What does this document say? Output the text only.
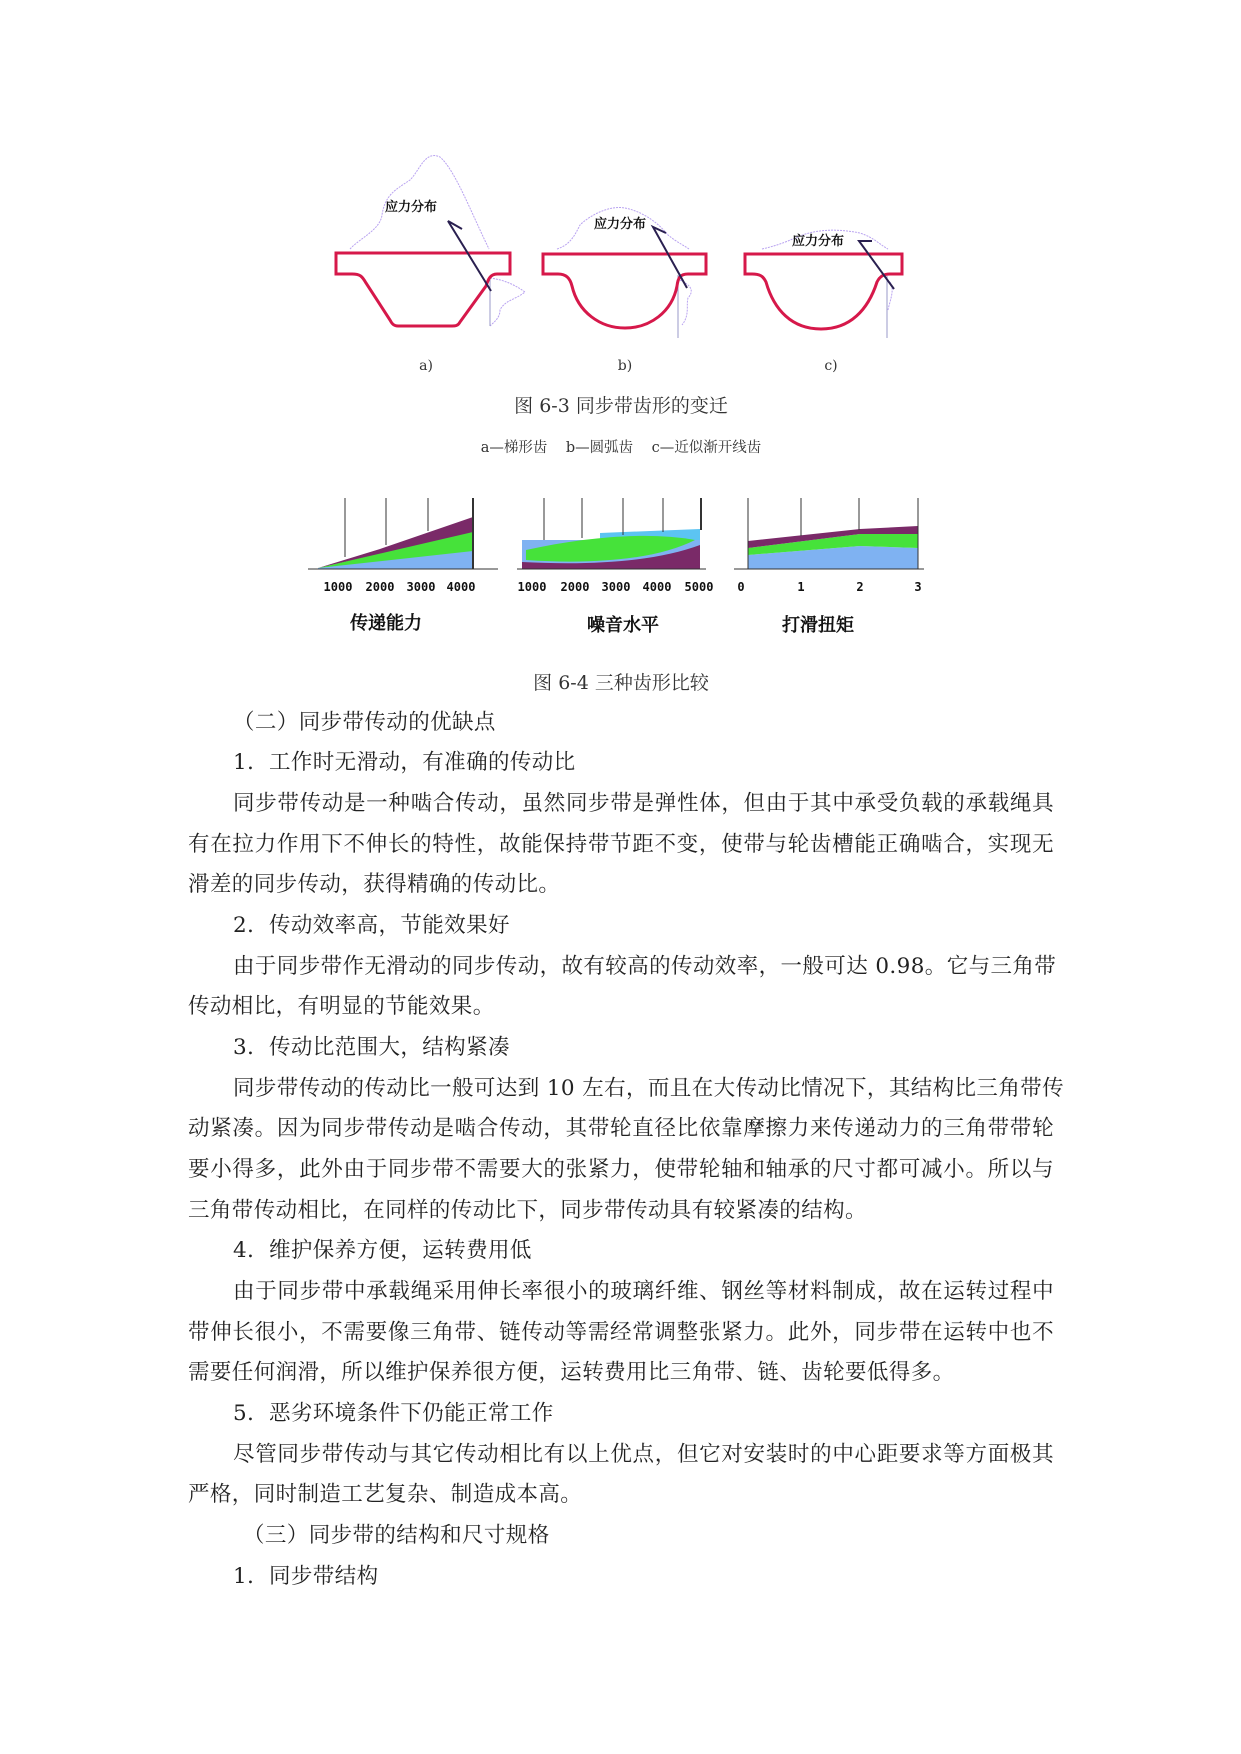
应力分布
应力分布
应力分布
a)	b)	c)
图 6-3 同步带齿形的变迁
a—梯形齿    b—圆弧齿    c—近似渐开线齿
1000 2000 3000 4000
传递能力
1000 2000 3000 4000 5000
噪音水平
0	1	2	3
打滑扭矩
图 6-4 三种齿形比较
（二）同步带传动的优缺点
1．工作时无滑动，有准确的传动比
同步带传动是一种啮合传动，虽然同步带是弹性体，但由于其中承受负载的承载绳具
有在拉力作用下不伸长的特性，故能保持带节距不变，使带与轮齿槽能正确啮合，实现无
滑差的同步传动，获得精确的传动比。
2．传动效率高，节能效果好
由于同步带作无滑动的同步传动，故有较高的传动效率，一般可达 0.98。它与三角带
传动相比，有明显的节能效果。
3．传动比范围大，结构紧凑
同步带传动的传动比一般可达到 10 左右，而且在大传动比情况下，其结构比三角带传
动紧凑。因为同步带传动是啮合传动，其带轮直径比依靠摩擦力来传递动力的三角带带轮
要小得多，此外由于同步带不需要大的张紧力，使带轮轴和轴承的尺寸都可减小。所以与
三角带传动相比，在同样的传动比下，同步带传动具有较紧凑的结构。
4．维护保养方便，运转费用低
由于同步带中承载绳采用伸长率很小的玻璃纤维、钢丝等材料制成，故在运转过程中
带伸长很小，不需要像三角带、链传动等需经常调整张紧力。此外，同步带在运转中也不
需要任何润滑，所以维护保养很方便，运转费用比三角带、链、齿轮要低得多。
5．恶劣环境条件下仍能正常工作
尽管同步带传动与其它传动相比有以上优点，但它对安装时的中心距要求等方面极其
严格，同时制造工艺复杂、制造成本高。
（三）同步带的结构和尺寸规格
1．同步带结构
